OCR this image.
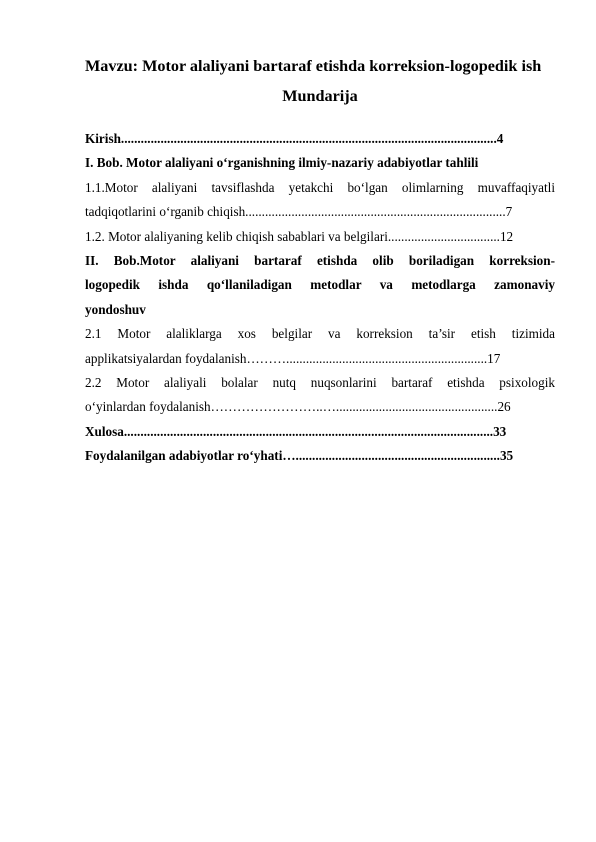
Mavzu: Motor alaliyani bartaraf etishda korreksion-logopedik ish
Mundarija
Kirish..................................................................................................................4
I. Bob. Motor alaliyani o‘rganishning ilmiy-nazariy adabiyotlar tahlili
1.1.Motor alaliyani tavsiflashda yetakchi bo‘lgan olimlarning muvaffaqiyatli
tadqiqotlarini o‘rganib chiqish...............................................................................7
1.2. Motor alaliyaning kelib chiqish sabablari va belgilari..................................12
II. Bob.Motor alaliyani bartaraf etishda olib boriladigan korreksion-
logopedik ishda qo‘llaniladigan metodlar va metodlarga zamonaviy
yondoshuv
2.1 Motor alaliklarga xos belgilar va korreksion ta’sir etish tizimida
applikatsiyalardan foydalanish……….............................................................17
2.2 Motor alaliyali bolalar nutq nuqsonlarini bartaraf etishda psixologik
o‘yinlardan foydalanish……………………..….................................................26
Xulosa................................................................................................................33
Foydalanilgan adabiyotlar ro‘yhati…..............................................................35
